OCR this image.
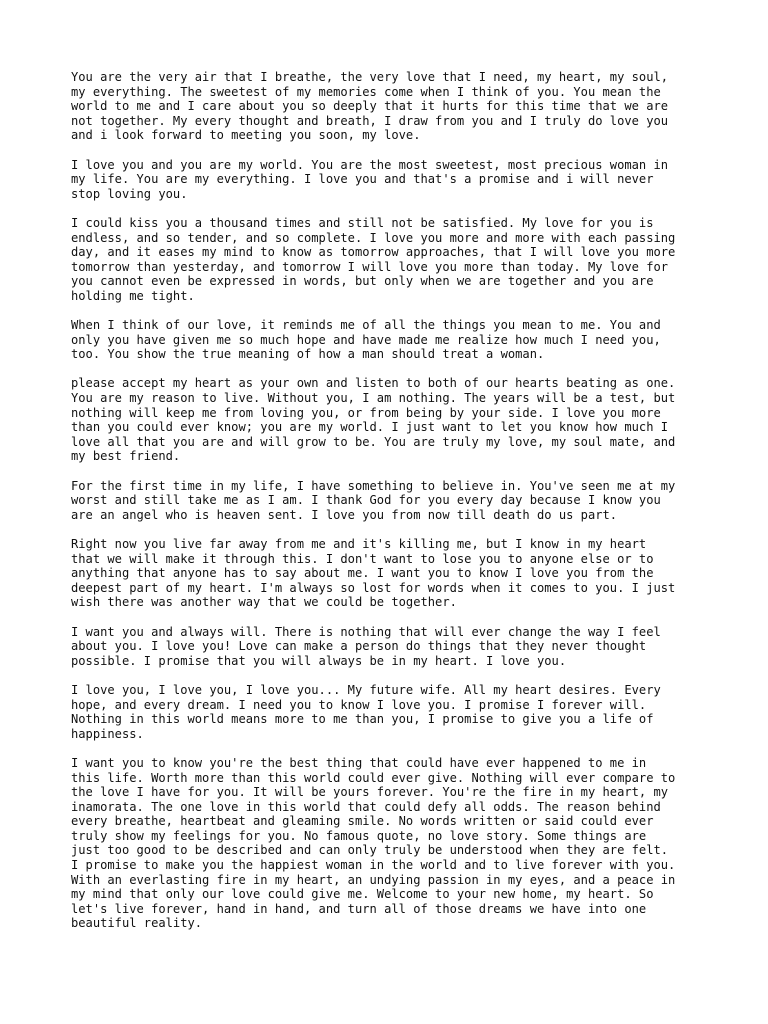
You are the very air that I breathe, the very love that I need, my heart, my soul,
my everything. The sweetest of my memories come when I think of you. You mean the
world to me and I care about you so deeply that it hurts for this time that we are
not together. My every thought and breath, I draw from you and I truly do love you
and i look forward to meeting you soon, my love.

I love you and you are my world. You are the most sweetest, most precious woman in
my life. You are my everything. I love you and that's a promise and i will never
stop loving you.

I could kiss you a thousand times and still not be satisfied. My love for you is
endless, and so tender, and so complete. I love you more and more with each passing
day, and it eases my mind to know as tomorrow approaches, that I will love you more
tomorrow than yesterday, and tomorrow I will love you more than today. My love for
you cannot even be expressed in words, but only when we are together and you are
holding me tight.

When I think of our love, it reminds me of all the things you mean to me. You and
only you have given me so much hope and have made me realize how much I need you,
too. You show the true meaning of how a man should treat a woman.

please accept my heart as your own and listen to both of our hearts beating as one.
You are my reason to live. Without you, I am nothing. The years will be a test, but
nothing will keep me from loving you, or from being by your side. I love you more
than you could ever know; you are my world. I just want to let you know how much I
love all that you are and will grow to be. You are truly my love, my soul mate, and
my best friend.

For the first time in my life, I have something to believe in. You've seen me at my
worst and still take me as I am. I thank God for you every day because I know you
are an angel who is heaven sent. I love you from now till death do us part.

Right now you live far away from me and it's killing me, but I know in my heart
that we will make it through this. I don't want to lose you to anyone else or to
anything that anyone has to say about me. I want you to know I love you from the
deepest part of my heart. I'm always so lost for words when it comes to you. I just
wish there was another way that we could be together.

I want you and always will. There is nothing that will ever change the way I feel
about you. I love you! Love can make a person do things that they never thought
possible. I promise that you will always be in my heart. I love you.

I love you, I love you, I love you... My future wife. All my heart desires. Every
hope, and every dream. I need you to know I love you. I promise I forever will.
Nothing in this world means more to me than you, I promise to give you a life of
happiness.

I want you to know you're the best thing that could have ever happened to me in
this life. Worth more than this world could ever give. Nothing will ever compare to
the love I have for you. It will be yours forever. You're the fire in my heart, my
inamorata. The one love in this world that could defy all odds. The reason behind
every breathe, heartbeat and gleaming smile. No words written or said could ever
truly show my feelings for you. No famous quote, no love story. Some things are
just too good to be described and can only truly be understood when they are felt.
I promise to make you the happiest woman in the world and to live forever with you.
With an everlasting fire in my heart, an undying passion in my eyes, and a peace in
my mind that only our love could give me. Welcome to your new home, my heart. So
let's live forever, hand in hand, and turn all of those dreams we have into one
beautiful reality.
